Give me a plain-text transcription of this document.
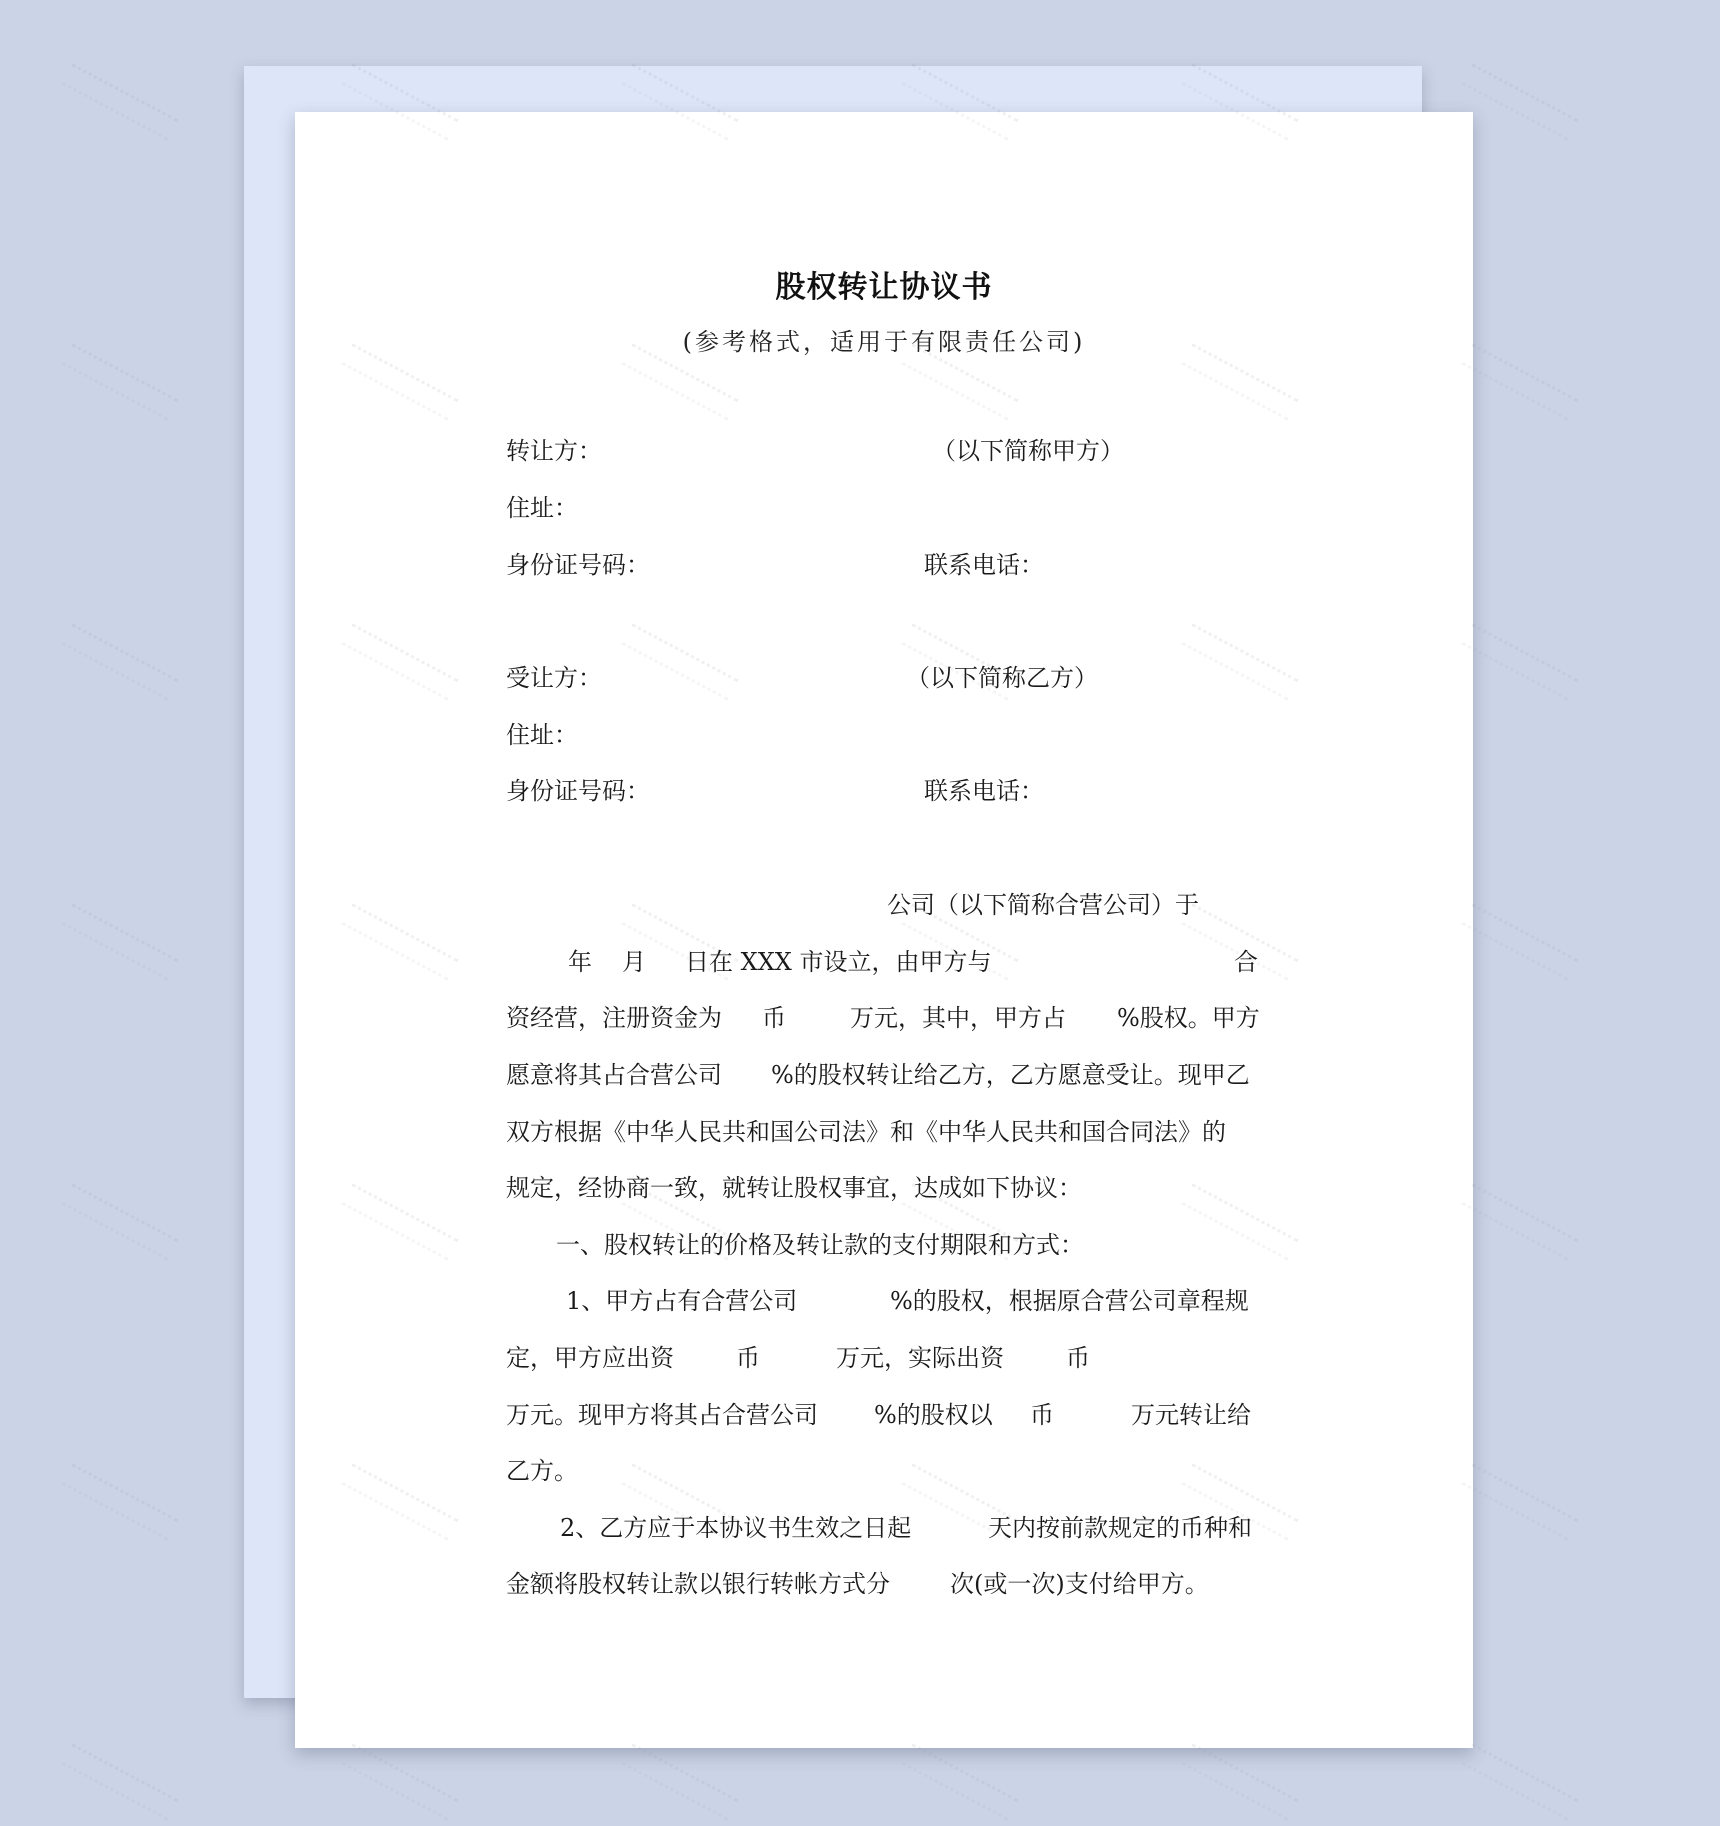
股权转让协议书
(参考格式，适用于有限责任公司)
转让方：	（以下简称甲方）
住址：
身份证号码：	联系电话：
受让方：	（以下简称乙方）
住址：
身份证号码：	联系电话：
公司（以下简称合营公司）于
年 月 日在 XXX 市设立，由甲方与	合
资经营，注册资金为 币	万元，其中，甲方占 %股权。甲方
愿意将其占合营公司 %的股权转让给乙方，乙方愿意受让。现甲乙
双方根据《中华人民共和国公司法》和《中华人民共和国合同法》的
规定，经协商一致，就转让股权事宜，达成如下协议：
一、股权转让的价格及转让款的支付期限和方式：
1、甲方占有合营公司	%的股权，根据原合营公司章程规
定，甲方应出资	币	万元，实际出资	币
万元。现甲方将其占合营公司 %的股权以 币	万元转让给
乙方。
2、乙方应于本协议书生效之日起	天内按前款规定的币种和
金额将股权转让款以银行转帐方式分	次(或一次)支付给甲方。
